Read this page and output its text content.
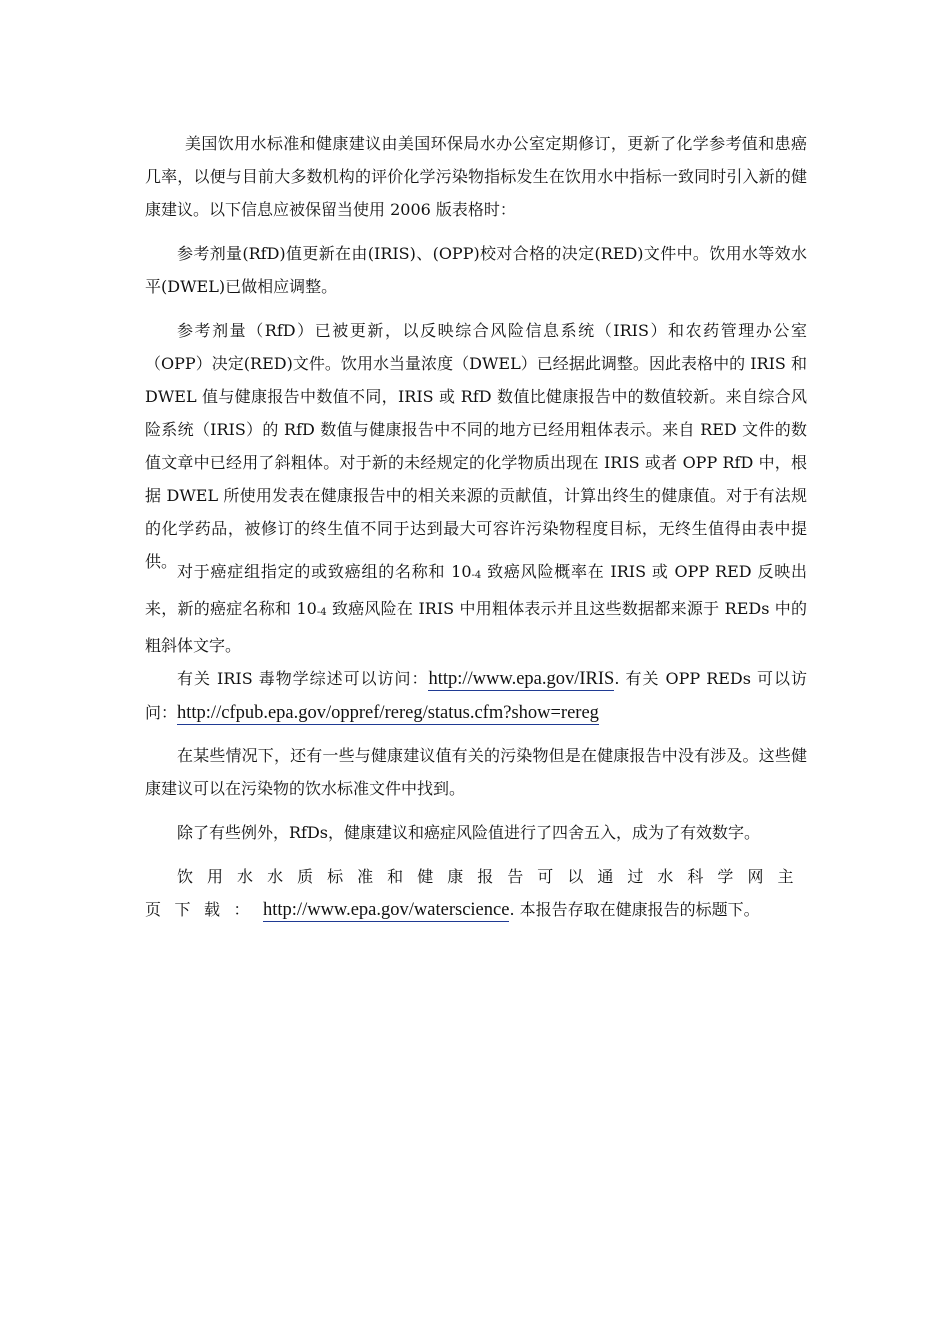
美国饮用水标准和健康建议由美国环保局水办公室定期修订，更新了化学参考值和患癌几率，以便与目前大多数机构的评价化学污染物指标发生在饮用水中指标一致同时引入新的健康建议。以下信息应被保留当使用 2006 版表格时：
参考剂量(RfD)值更新在由(IRIS)、(OPP)校对合格的决定(RED)文件中。饮用水等效水平(DWEL)已做相应调整。
参考剂量（RfD）已被更新，以反映综合风险信息系统（IRIS）和农药管理办公室（OPP）决定(RED)文件。饮用水当量浓度（DWEL）已经据此调整。因此表格中的 IRIS 和 DWEL 值与健康报告中数值不同，IRIS 或 RfD 数值比健康报告中的数值较新。来自综合风险系统（IRIS）的 RfD 数值与健康报告中不同的地方已经用粗体表示。来自 RED 文件的数值文章中已经用了斜粗体。对于新的未经规定的化学物质出现在 IRIS 或者 OPP RfD 中，根据 DWEL 所使用发表在健康报告中的相关来源的贡献值，计算出终生的健康值。对于有法规的化学药品，被修订的终生值不同于达到最大可容许污染物程度目标，无终生值得由表中提供。
对于癌症组指定的或致癌组的名称和 $10_{-4}$ 致癌风险概率在 IRIS 或 OPP RED 反映出来，新的癌症名称和 $10_{-4}$ 致癌风险在 IRIS 中用粗体表示并且这些数据都来源于 REDs 中的粗斜体文字。
有关 IRIS 毒物学综述可以访问：http://www.epa.gov/IRIS. 有关 OPP REDs 可以访问：http://cfpub.epa.gov/oppref/rereg/status.cfm?show=rereg
在某些情况下，还有一些与健康建议值有关的污染物但是在健康报告中没有涉及。这些健康建议可以在污染物的饮水标准文件中找到。
除了有些例外，RfDs，健康建议和癌症风险值进行了四舍五入，成为了有效数字。
饮用水水质标准和健康报告可以通过水科学网主页下载：http://www.epa.gov/waterscience. 本报告存取在健康报告的标题下。
